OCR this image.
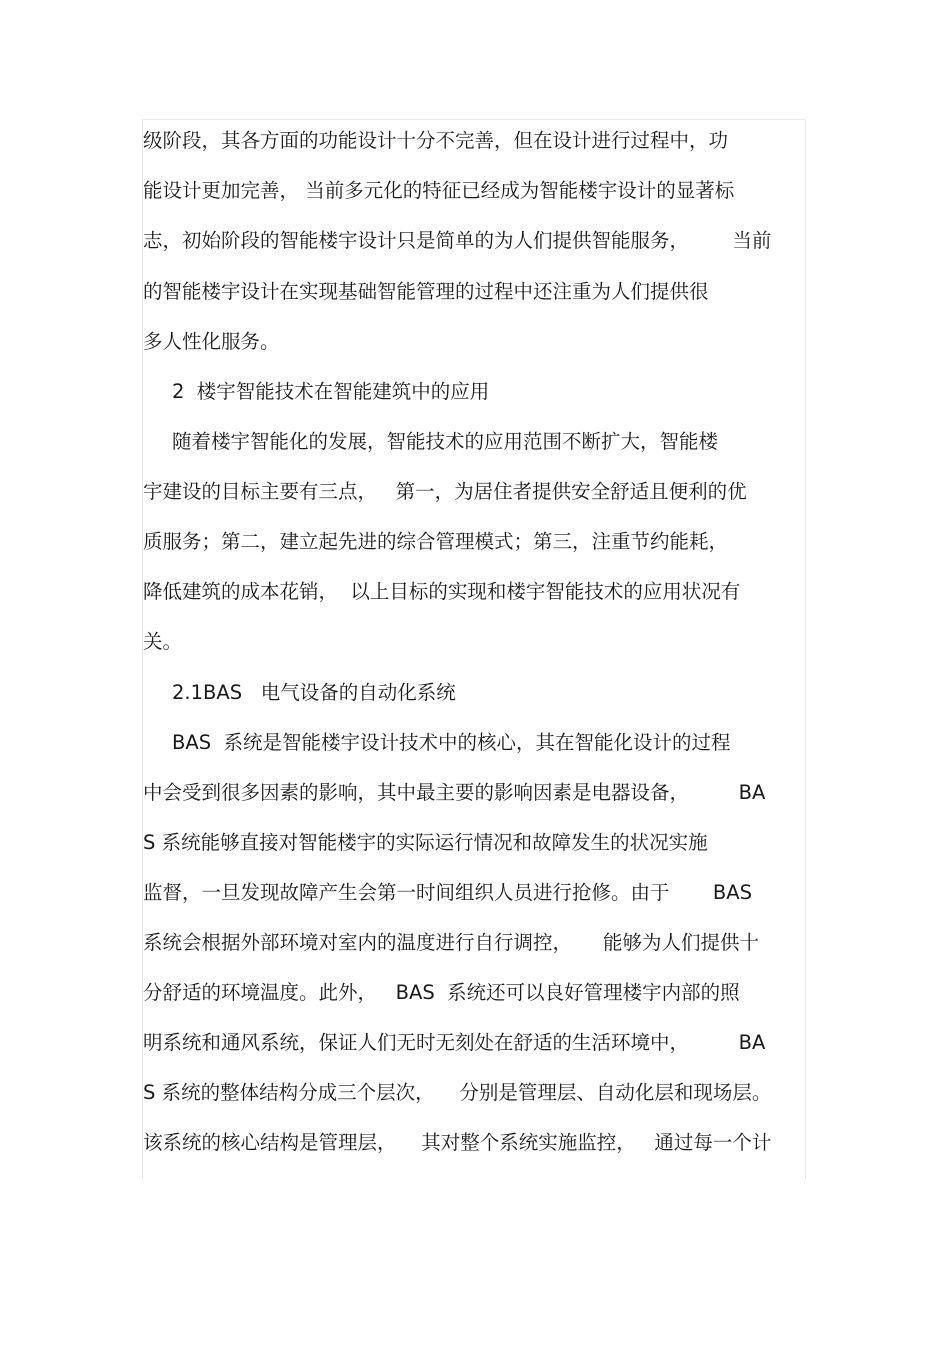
级阶段，其各方面的功能设计十分不完善，但在设计进行过程中，功
能设计更加完善， 当前多元化的特征已经成为智能楼宇设计的显著标
志，初始阶段的智能楼宇设计只是简单的为人们提供智能服务，       当前
的智能楼宇设计在实现基础智能管理的过程中还注重为人们提供很
多人性化服务。
2  楼宇智能技术在智能建筑中的应用
随着楼宇智能化的发展，智能技术的应用范围不断扩大，智能楼
宇建设的目标主要有三点，   第一，为居住者提供安全舒适且便利的优
质服务；第二，建立起先进的综合管理模式；第三，注重节约能耗，
降低建筑的成本花销，  以上目标的实现和楼宇智能技术的应用状况有
关。
2.1BAS   电气设备的自动化系统
BAS  系统是智能楼宇设计技术中的核心，其在智能化设计的过程
中会受到很多因素的影响，其中最主要的影响因素是电器设备，        BA
S 系统能够直接对智能楼宇的实际运行情况和故障发生的状况实施
监督，一旦发现故障产生会第一时间组织人员进行抢修。由于       BAS
系统会根据外部环境对室内的温度进行自行调控，     能够为人们提供十
分舒适的环境温度。此外，   BAS  系统还可以良好管理楼宇内部的照
明系统和通风系统，保证人们无时无刻处在舒适的生活环境中，        BA
S 系统的整体结构分成三个层次，    分别是管理层、自动化层和现场层。
该系统的核心结构是管理层，    其对整个系统实施监控，   通过每一个计
